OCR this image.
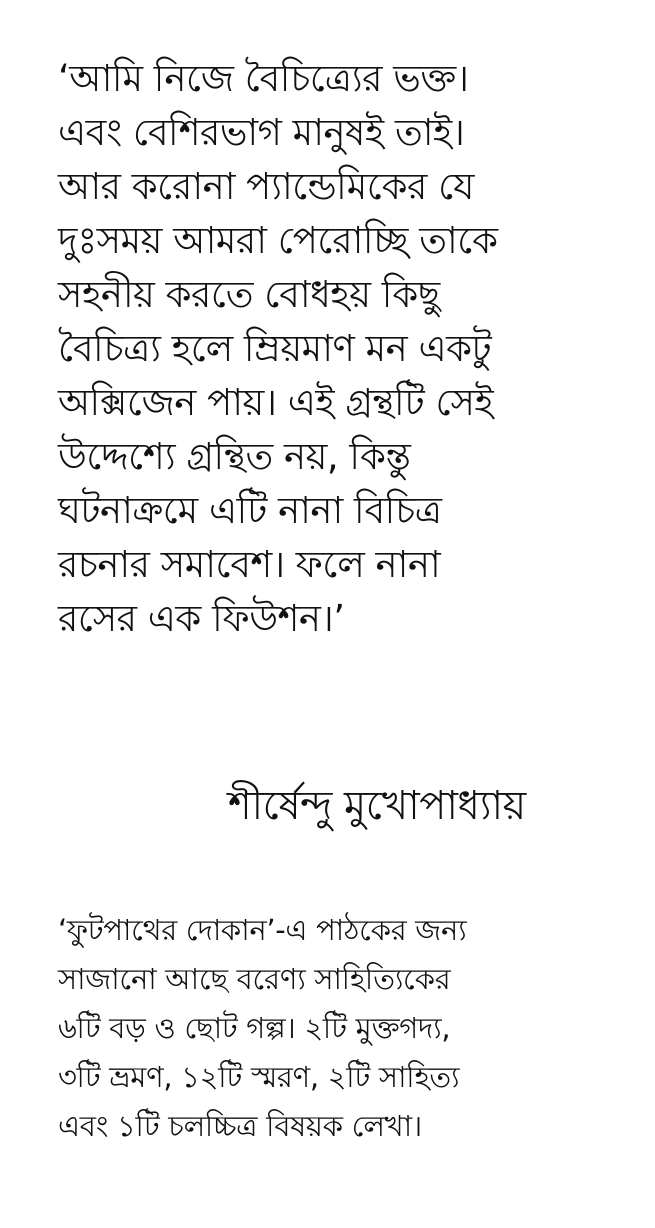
‘আমি নিজে বৈচিত্র্যের ভক্ত।
এবং বেশিরভাগ মানুষই তাই।
আর করোনা প্যান্ডেমিকের যে
দুঃসময় আমরা পেরোচ্ছি তাকে
সহনীয় করতে বোধহয় কিছু
বৈচিত্র্য হলে ম্রিয়মাণ মন একটু
অক্সিজেন পায়। এই গ্রন্থটি সেই
উদ্দেশ্যে গ্রন্থিত নয়, কিন্তু
ঘটনাক্রমে এটি নানা বিচিত্র
রচনার সমাবেশ। ফলে নানা
রসের এক ফিউশন।’
শীর্ষেন্দু মুখোপাধ্যায়
‘ফুটপাথের দোকান’-এ পাঠকের জন্য
সাজানো আছে বরেণ্য সাহিত্যিকের
৬টি বড় ও ছোট গল্প। ২টি মুক্তগদ্য,
৩টি ভ্রমণ, ১২টি স্মরণ, ২টি সাহিত্য
এবং ১টি চলচ্চিত্র বিষয়ক লেখা।
